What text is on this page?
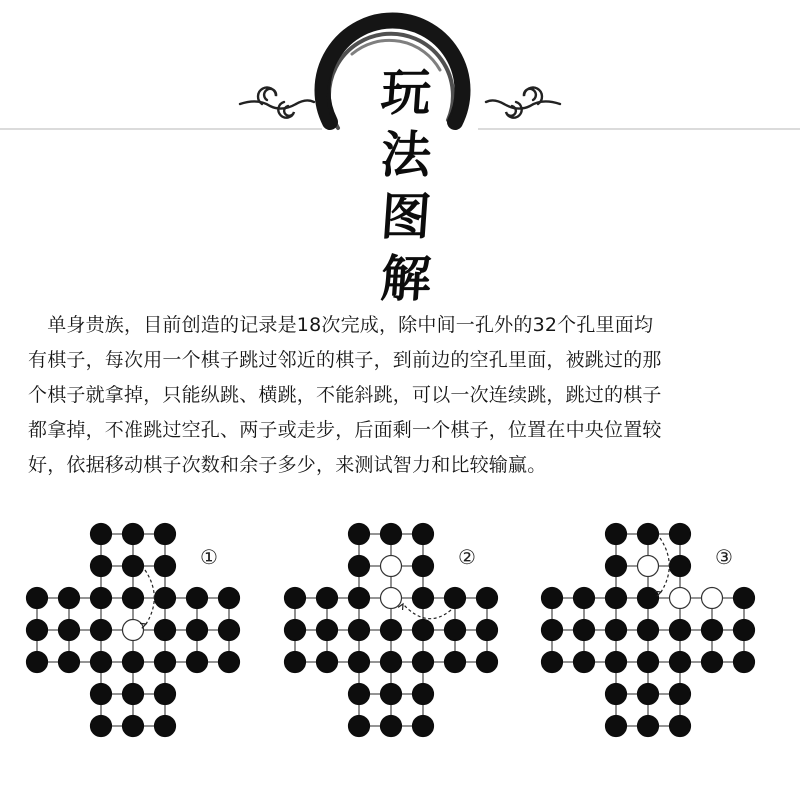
玩
法
图
解

　单身贵族，目前创造的记录是18次完成，除中间一孔外的32个孔里面均

有棋子，每次用一个棋子跳过邻近的棋子，到前边的空孔里面，被跳过的那

个棋子就拿掉，只能纵跳、横跳，不能斜跳，可以一次连续跳，跳过的棋子

都拿掉，不准跳过空孔、两子或走步，后面剩一个棋子，位置在中央位置较

好，依据移动棋子次数和余子多少，来测试智力和比较输赢。

①	②	③
